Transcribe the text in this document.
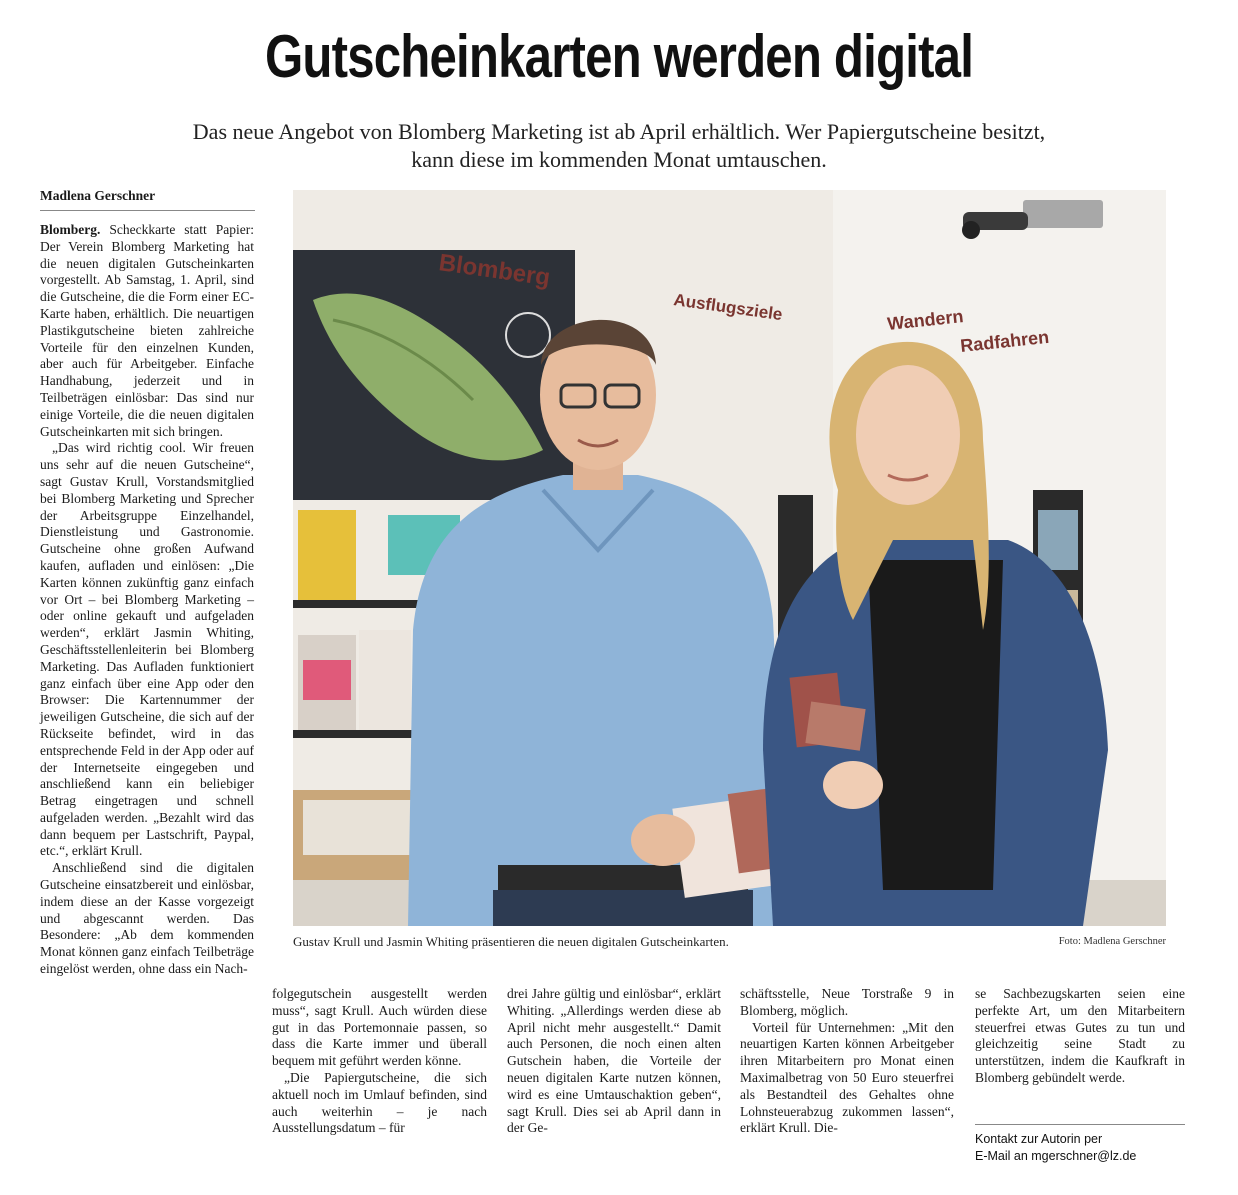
Gutscheinkarten werden digital
Das neue Angebot von Blomberg Marketing ist ab April erhältlich. Wer Papiergutscheine besitzt,
kann diese im kommenden Monat umtauschen.
Madlena Gerschner

Blomberg. Scheckkarte statt Papier: Der Verein Blomberg Marketing hat die neuen digitalen Gutscheinkarten vorgestellt. Ab Samstag, 1. April, sind die Gutscheine, die die Form einer EC-Karte haben, erhältlich. Die neuartigen Plastikgutscheine bieten zahlreiche Vorteile für den einzelnen Kunden, aber auch für Arbeitgeber. Einfache Handhabung, jederzeit und in Teilbeträgen einlösbar: Das sind nur einige Vorteile, die die neuen digitalen Gutscheinkarten mit sich bringen.

„Das wird richtig cool. Wir freuen uns sehr auf die neuen Gutscheine“, sagt Gustav Krull, Vorstandsmitglied bei Blomberg Marketing und Sprecher der Arbeitsgruppe Einzelhandel, Dienstleistung und Gastronomie. Gutscheine ohne großen Aufwand kaufen, aufladen und einlösen: „Die Karten können zukünftig ganz einfach vor Ort – bei Blomberg Marketing – oder online gekauft und aufgeladen werden“, erklärt Jasmin Whiting, Geschäftsstellenleiterin bei Blomberg Marketing. Das Aufladen funktioniert ganz einfach über eine App oder den Browser: Die Kartennummer der jeweiligen Gutscheine, die sich auf der Rückseite befindet, wird in das entsprechende Feld in der App oder auf der Internetseite eingegeben und anschließend kann ein beliebiger Betrag eingetragen und schnell aufgeladen werden. „Bezahlt wird das dann bequem per Lastschrift, Paypal, etc.“, erklärt Krull.

Anschließend sind die digitalen Gutscheine einsatzbereit und einlösbar, indem diese an der Kasse vorgezeigt und abgescannt werden. Das Besondere: „Ab dem kommenden Monat können ganz einfach Teilbeträge eingelöst werden, ohne dass ein Nach-

folgegutschein ausgestellt werden muss“, sagt Krull. Auch würden diese gut in das Portemonnaie passen, so dass die Karte immer und überall bequem mit geführt werden könne.

„Die Papiergutscheine, die sich aktuell noch im Umlauf befinden, sind auch weiterhin – je nach Ausstellungsdatum – für

drei Jahre gültig und einlösbar“, erklärt Whiting. „Allerdings werden diese ab April nicht mehr ausgestellt.“ Damit auch Personen, die noch einen alten Gutschein haben, die Vorteile der neuen digitalen Karte nutzen können, wird es eine Umtauschaktion geben“, sagt Krull. Dies sei ab April dann in der Ge-

schäftsstelle, Neue Torstraße 9 in Blomberg, möglich.

Vorteil für Unternehmen: „Mit den neuartigen Karten können Arbeitgeber ihren Mitarbeitern pro Monat einen Maximalbetrag von 50 Euro steuerfrei als Bestandteil des Gehaltes ohne Lohnsteuerabzug zukommen lassen“, erklärt Krull. Die-

se Sachbezugskarten seien eine perfekte Art, um den Mitarbeitern steuerfrei etwas Gutes zu tun und gleichzeitig seine Stadt zu unterstützen, indem die Kaufkraft in Blomberg gebündelt werde.

Kontakt zur Autorin per
E-Mail an mgerschner@lz.de
Blomberg
Ausflugsziele	Wandern
Radfahren
Gustav Krull und Jasmin Whiting präsentieren die neuen digitalen Gutscheinkarten.	Foto: Madlena Gerschner
